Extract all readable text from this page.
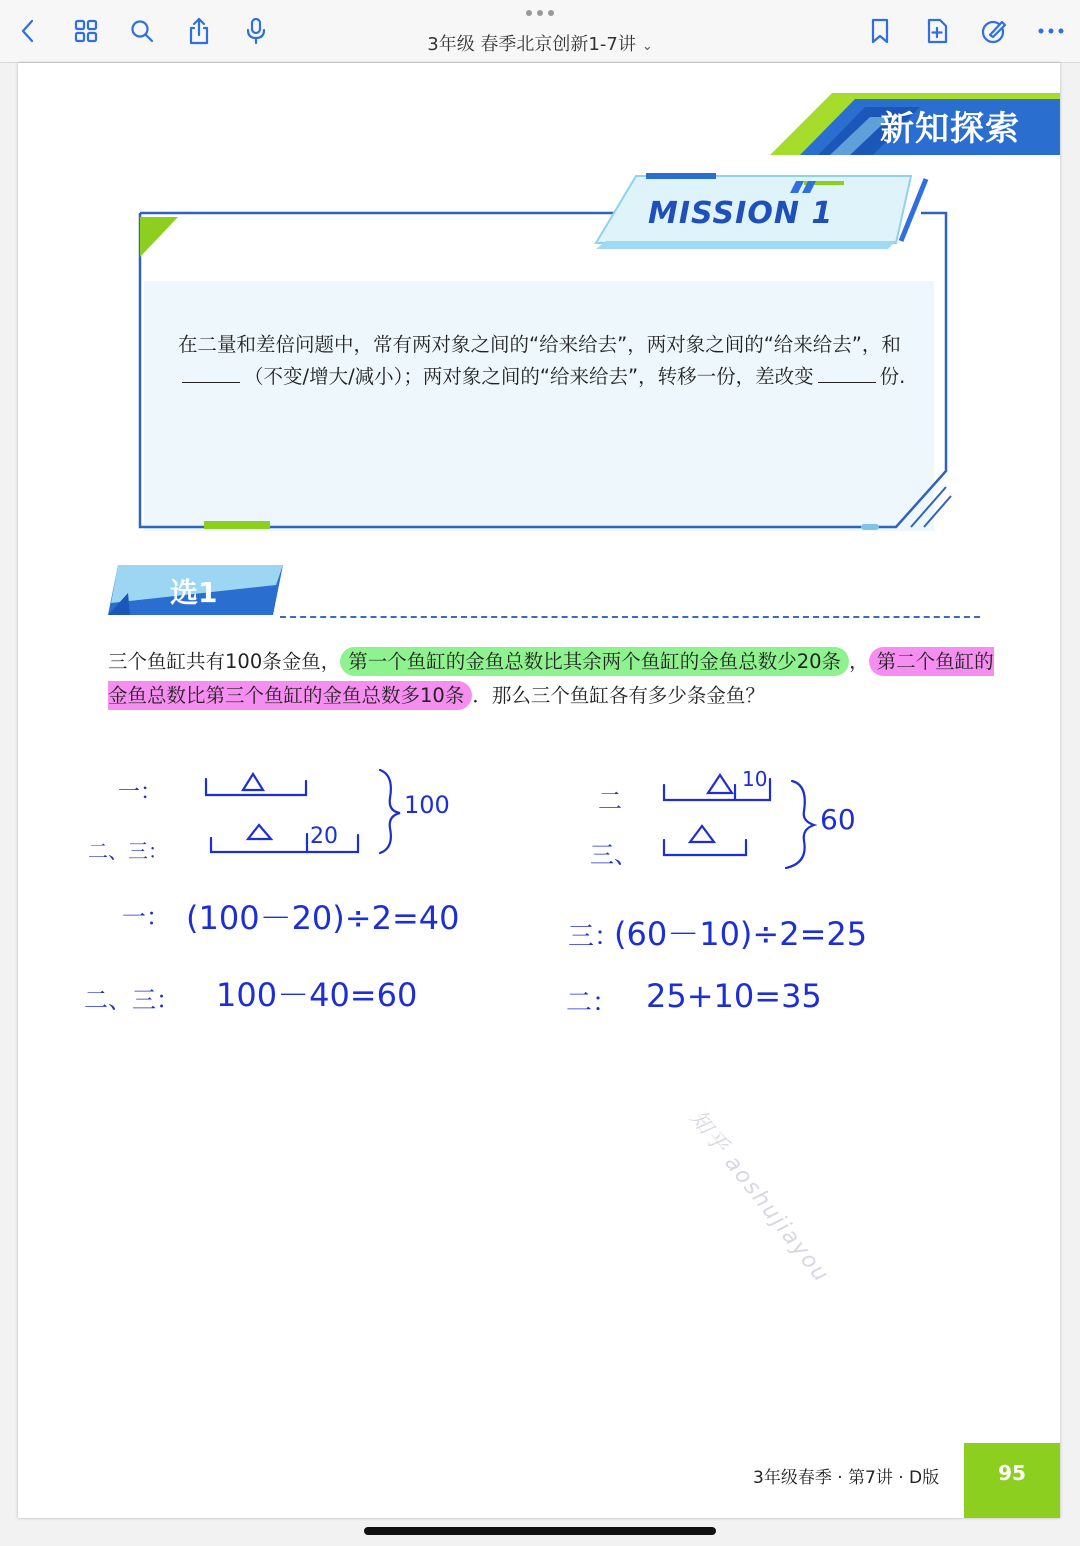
3年级 春季北京创新1-7讲 ⌄
新知探索
MISSION 1
在二量和差倍问题中，常有两对象之间的“给来给去”，两对象之间的“给来给去”，和（不变/增大/减小）；两对象之间的“给来给去”，转移一份，差改变	份.
选1
三个鱼缸共有100条金鱼， 第一个鱼缸的金鱼总数比其余两个鱼缸的金鱼总数少20条 ， 第二个鱼缸的金鱼总数比第三个鱼缸的金鱼总数多10条 ．那么三个鱼缸各有多少条金鱼？
一：
二、三：
20
100
一： (100－20)÷2=40
二、三： 100－40=60
二
三、
10
60
三：
(60－10)÷2=25
二： 25+10=35
知乎 aoshujiayou
3年级春季 · 第7讲 · D版	95
